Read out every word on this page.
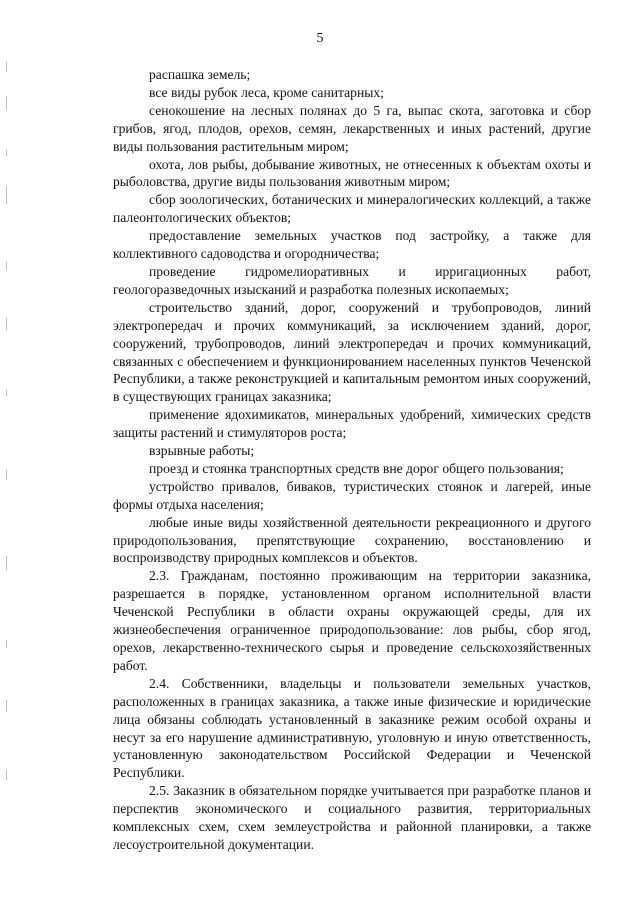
5

распашка земель;

все виды рубок леса, кроме санитарных;

сенокошение на лесных полянах до 5 га, выпас скота, заготовка и сбор грибов, ягод, плодов, орехов, семян, лекарственных и иных растений, другие виды пользования растительным миром;

охота, лов рыбы, добывание животных, не отнесенных к объектам охоты и рыболовства, другие виды пользования животным миром;

сбор зоологических, ботанических и минералогических коллекций, а также палеонтологических объектов;

предоставление земельных участков под застройку, а также для коллективного садоводства и огородничества;

проведение гидромелиоративных и ирригационных работ, геологоразведочных изысканий и разработка полезных ископаемых;

строительство зданий, дорог, сооружений и трубопроводов, линий электропередач и прочих коммуникаций, за исключением зданий, дорог, сооружений, трубопроводов, линий электропередач и прочих коммуникаций, связанных с обеспечением и функционированием населенных пунктов Чеченской Республики, а также реконструкцией и капитальным ремонтом иных сооружений, в существующих границах заказника;

применение ядохимикатов, минеральных удобрений, химических средств защиты растений и стимуляторов роста;

взрывные работы;

проезд и стоянка транспортных средств вне дорог общего пользования;

устройство привалов, биваков, туристических стоянок и лагерей, иные формы отдыха населения;

любые иные виды хозяйственной деятельности рекреационного и другого природопользования, препятствующие сохранению, восстановлению и воспроизводству природных комплексов и объектов.

2.3. Гражданам, постоянно проживающим на территории заказника, разрешается в порядке, установленном органом исполнительной власти Чеченской Республики в области охраны окружающей среды, для их жизнеобеспечения ограниченное природопользование: лов рыбы, сбор ягод, орехов, лекарственно-технического сырья и проведение сельскохозяйственных работ.

2.4. Собственники, владельцы и пользователи земельных участков, расположенных в границах заказника, а также иные физические и юридические лица обязаны соблюдать установленный в заказнике режим особой охраны и несут за его нарушение административную, уголовную и иную ответственность, установленную законодательством Российской Федерации и Чеченской Республики.

2.5. Заказник в обязательном порядке учитывается при разработке планов и перспектив экономического и социального развития, территориальных комплексных схем, схем землеустройства и районной планировки, а также лесоустроительной документации.
